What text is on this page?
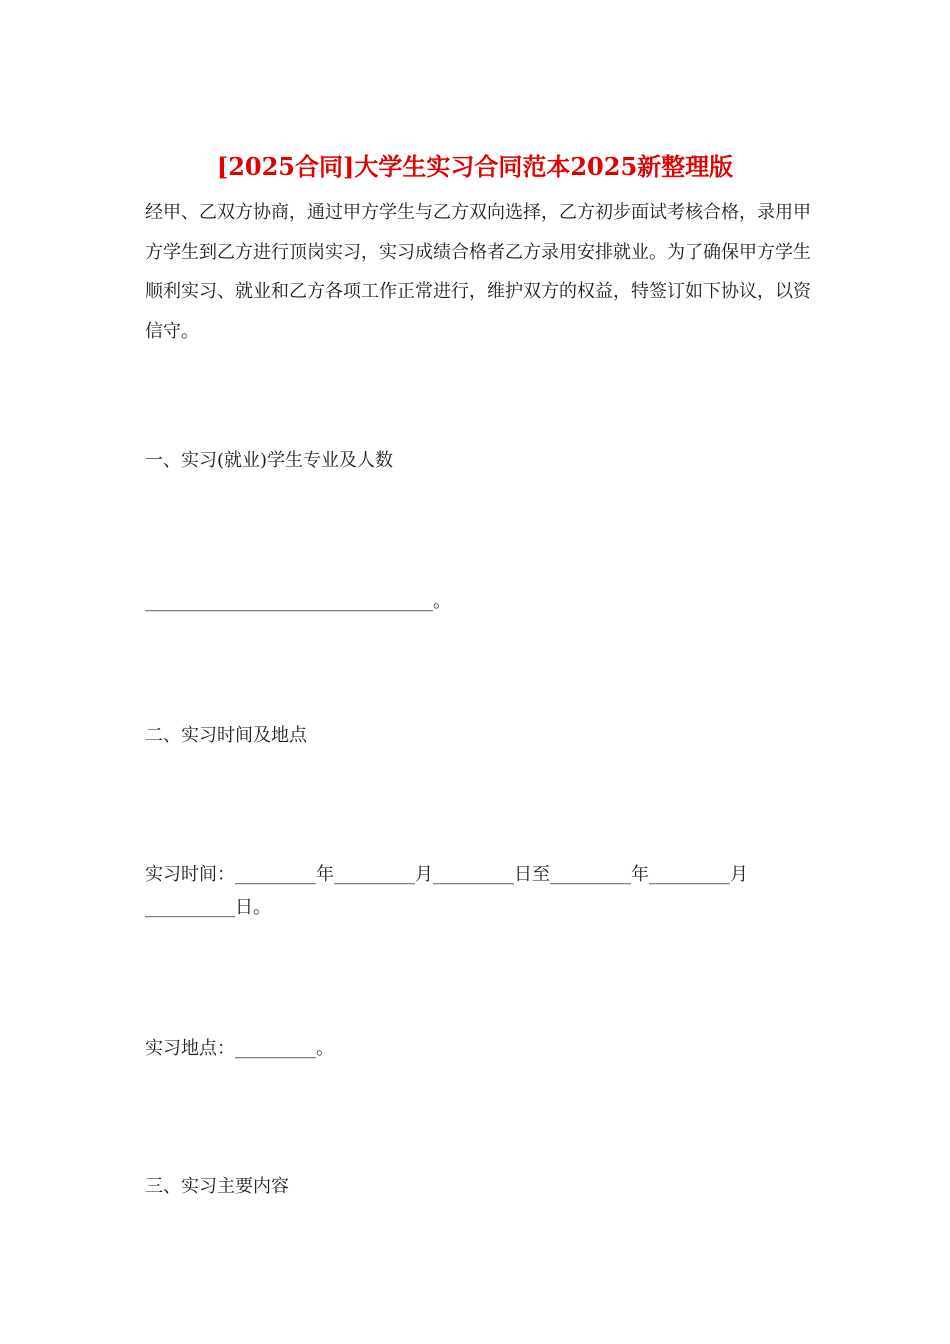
[2025合同]大学生实习合同范本2025新整理版

经甲、乙双方协商，通过甲方学生与乙方双向选择，乙方初步面试考核合格，录用甲方学生到乙方进行顶岗实习，实习成绩合格者乙方录用安排就业。为了确保甲方学生顺利实习、就业和乙方各项工作正常进行，维护双方的权益，特签订如下协议，以资信守。

一、实习(就业)学生专业及人数

________________________________。

二、实习时间及地点

实习时间：_________年_________月_________日至_________年_________月__________日。

实习地点：_________。

三、实习主要内容
